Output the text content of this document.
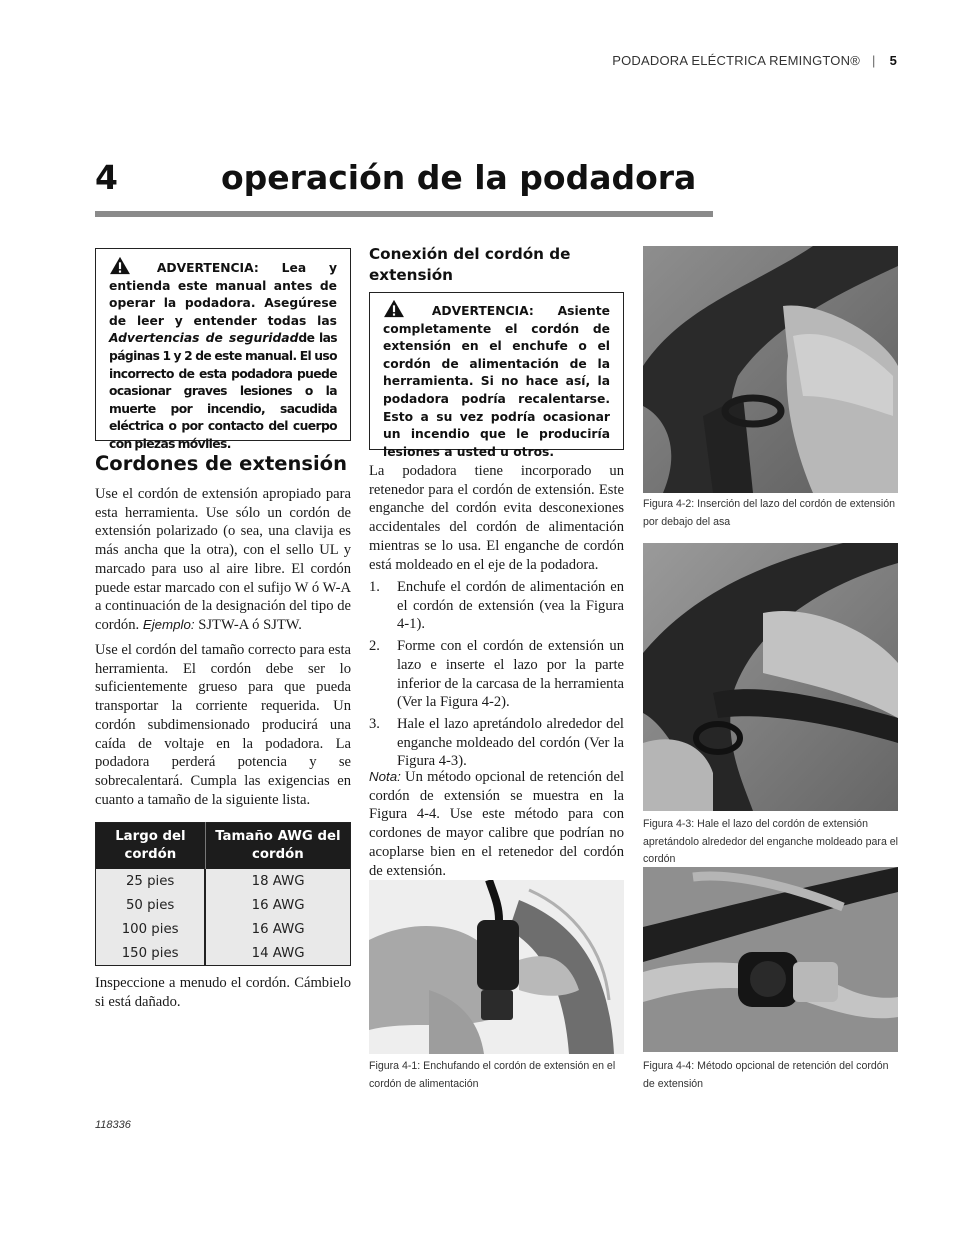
PODADORA ELÉCTRICA REMINGTON® | 5
4	operación de la podadora
ADVERTENCIA: Lea y entienda este manual antes de operar la podadora. Asegúrese de leer y entender todas las Advertencias de seguridadde las páginas 1 y 2 de este manual. El uso incorrecto de esta podadora puede ocasionar graves lesiones o la muerte por incendio, sacudida eléctrica o por contacto del cuerpo con piezas móviles.
Cordones de extensión

Use el cordón de extensión apropiado para esta herramienta. Use sólo un cordón de extensión polarizado (o sea, una clavija es más ancha que la otra), con el sello UL y marcado para uso al aire libre. El cordón puede estar marcado con el sufijo W ó W-A a continuación de la designación del tipo de cordón. Ejemplo: SJTW-A ó SJTW.

Use el cordón del tamaño correcto para esta herramienta. El cordón debe ser lo suficientemente grueso para que pueda transportar la corriente requerida. Un cordón subdimensionado producirá una caída de voltaje en la podadora. La podadora perderá potencia y se sobrecalentará. Cumpla las exigencias en cuanto a tamaño de la siguiente lista.

Largo del cordón	Tamaño AWG del cordón
25 pies	18 AWG
50 pies	16 AWG
100 pies	16 AWG
150 pies	14 AWG

Inspeccione a menudo el cordón. Cámbielo si está dañado.

Conexión del cordón de extensión
ADVERTENCIA: Asiente completamente el cordón de extensión en el enchufe o el cordón de alimentación de la herramienta. Si no hace así, la podadora podría recalentarse. Esto a su vez podría ocasionar un incendio que le produciría lesiones a usted u otros.

La podadora tiene incorporado un retenedor para el cordón de extensión. Este enganche del cordón evita desconexiones accidentales del cordón de alimentación mientras se lo usa. El enganche de cordón está moldeado en el eje de la podadora.

1. Enchufe el cordón de alimentación en el cordón de extensión (vea la Figura 4-1).
2. Forme con el cordón de extensión un lazo e inserte el lazo por la parte inferior de la carcasa de la herramienta (Ver la Figura 4-2).
3. Hale el lazo apretándolo alrededor del enganche moldeado del cordón (Ver la Figura 4-3).

Nota: Un método opcional de retención del cordón de extensión se muestra en la Figura 4-4. Use este método para con cordones de mayor calibre que podrían no acoplarse bien en el retenedor del cordón de extensión.

Figura 4-2: Inserción del lazo del cordón de extensión por debajo del asa

Figura 4-3: Hale el lazo del cordón de extensión apretándolo alrededor del enganche moldeado para el cordón

Figura 4-1: Enchufando el cordón de extensión en el cordón de alimentación

Figura 4-4: Método opcional de retención del cordón de extensión

118336
